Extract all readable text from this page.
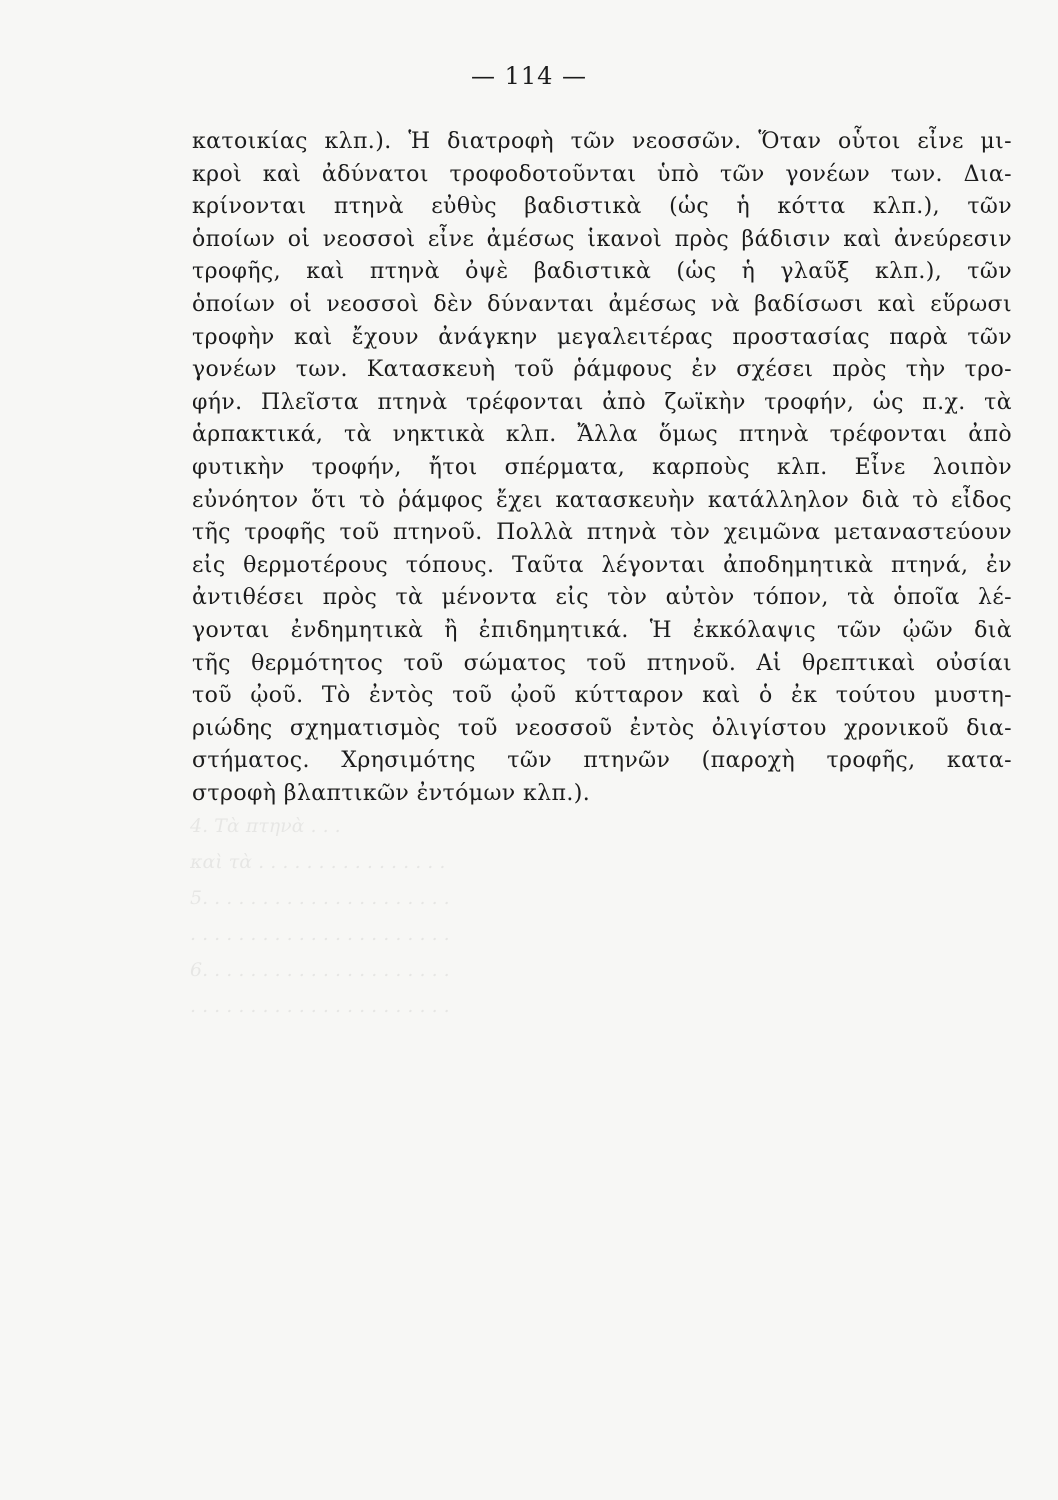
— 114 —
4. Τὰ πτηνὰ . . .
καὶ τὰ . . . . . . . . . . . . . . . .
5. . . . . . . . . . . . . . . . . . . . .
. . . . . . . . . . . . . . . . . . . . . .
6. . . . . . . . . . . . . . . . . . . . .
. . . . . . . . . . . . . . . . . . . . . .
κατοικίας κλπ.). Ἡ διατροφὴ τῶν νεοσσῶν. Ὅταν οὗτοι εἶνε μι-
κροὶ καὶ ἀδύνατοι τροφοδοτοῦνται ὑπὸ τῶν γονέων των. Δια-
κρίνονται πτηνὰ εὐθὺς βαδιστικὰ (ὡς ἡ κόττα κλπ.), τῶν
ὁποίων οἱ νεοσσοὶ εἶνε ἀμέσως ἱκανοὶ πρὸς βάδισιν καὶ ἀνεύρεσιν
τροφῆς, καὶ πτηνὰ ὀψὲ βαδιστικὰ (ὡς ἡ γλαῦξ κλπ.), τῶν
ὁποίων οἱ νεοσσοὶ δὲν δύνανται ἀμέσως νὰ βαδίσωσι καὶ εὕρωσι
τροφὴν καὶ ἔχουν ἀνάγκην μεγαλειτέρας προστασίας παρὰ τῶν
γονέων των. Κατασκευὴ τοῦ ῥάμφους ἐν σχέσει πρὸς τὴν τρο-
φήν. Πλεῖστα πτηνὰ τρέφονται ἀπὸ ζωϊκὴν τροφήν, ὡς π.χ. τὰ
ἁρπακτικά, τὰ νηκτικὰ κλπ. Ἄλλα ὅμως πτηνὰ τρέφονται ἀπὸ
φυτικὴν τροφήν, ἤτοι σπέρματα, καρποὺς κλπ. Εἶνε λοιπὸν
εὐνόητον ὅτι τὸ ῥάμφος ἔχει κατασκευὴν κατάλληλον διὰ τὸ εἶδος
τῆς τροφῆς τοῦ πτηνοῦ. Πολλὰ πτηνὰ τὸν χειμῶνα μεταναστεύουν
εἰς θερμοτέρους τόπους. Ταῦτα λέγονται ἀποδημητικὰ πτηνά, ἐν
ἀντιθέσει πρὸς τὰ μένοντα εἰς τὸν αὐτὸν τόπον, τὰ ὁποῖα λέ-
γονται ἐνδημητικὰ ἢ ἐπιδημητικά. Ἡ ἐκκόλαψις τῶν ᾠῶν διὰ
τῆς θερμότητος τοῦ σώματος τοῦ πτηνοῦ. Αἱ θρεπτικαὶ οὐσίαι
τοῦ ᾠοῦ. Τὸ ἐντὸς τοῦ ᾠοῦ κύτταρον καὶ ὁ ἐκ τούτου μυστη-
ριώδης σχηματισμὸς τοῦ νεοσσοῦ ἐντὸς ὀλιγίστου χρονικοῦ δια-
στήματος. Χρησιμότης τῶν πτηνῶν (παροχὴ τροφῆς, κατα-
στροφὴ βλαπτικῶν ἐντόμων κλπ.).
